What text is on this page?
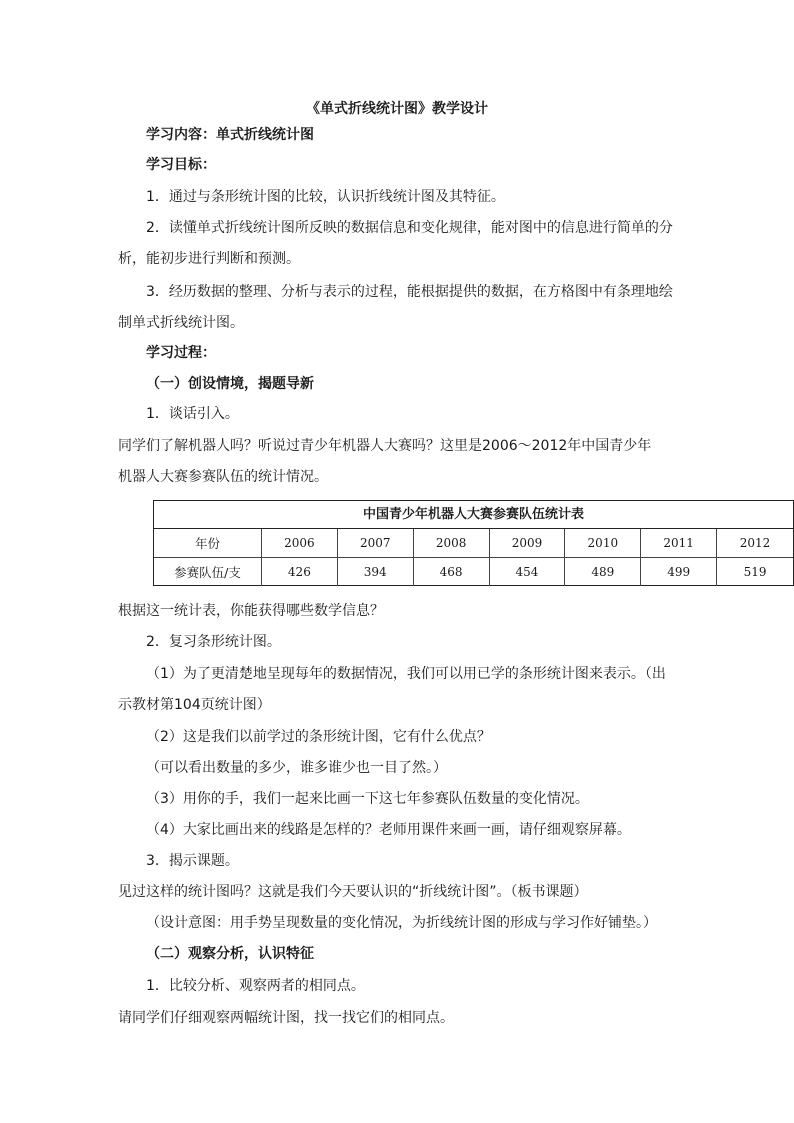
《单式折线统计图》教学设计
学习内容：单式折线统计图
学习目标：
1．通过与条形统计图的比较，认识折线统计图及其特征。
2．读懂单式折线统计图所反映的数据信息和变化规律，能对图中的信息进行简单的分
析，能初步进行判断和预测。
3．经历数据的整理、分析与表示的过程，能根据提供的数据，在方格图中有条理地绘
制单式折线统计图。
学习过程：
（一）创设情境，揭题导新
1．谈话引入。
同学们了解机器人吗？听说过青少年机器人大赛吗？这里是2006～2012年中国青少年
机器人大赛参赛队伍的统计情况。
中国青少年机器人大赛参赛队伍统计表
年份	2006	2007	2008	2009	2010	2011	2012
参赛队伍/支	426	394	468	454	489	499	519
根据这一统计表，你能获得哪些数学信息？
2．复习条形统计图。
（1）为了更清楚地呈现每年的数据情况，我们可以用已学的条形统计图来表示。（出
示教材第104页统计图）
（2）这是我们以前学过的条形统计图，它有什么优点？
（可以看出数量的多少，谁多谁少也一目了然。）
（3）用你的手，我们一起来比画一下这七年参赛队伍数量的变化情况。
（4）大家比画出来的线路是怎样的？老师用课件来画一画，请仔细观察屏幕。
3．揭示课题。
见过这样的统计图吗？这就是我们今天要认识的“折线统计图”。（板书课题）
（设计意图：用手势呈现数量的变化情况，为折线统计图的形成与学习作好铺垫。）
（二）观察分析，认识特征
1．比较分析、观察两者的相同点。
请同学们仔细观察两幅统计图，找一找它们的相同点。
